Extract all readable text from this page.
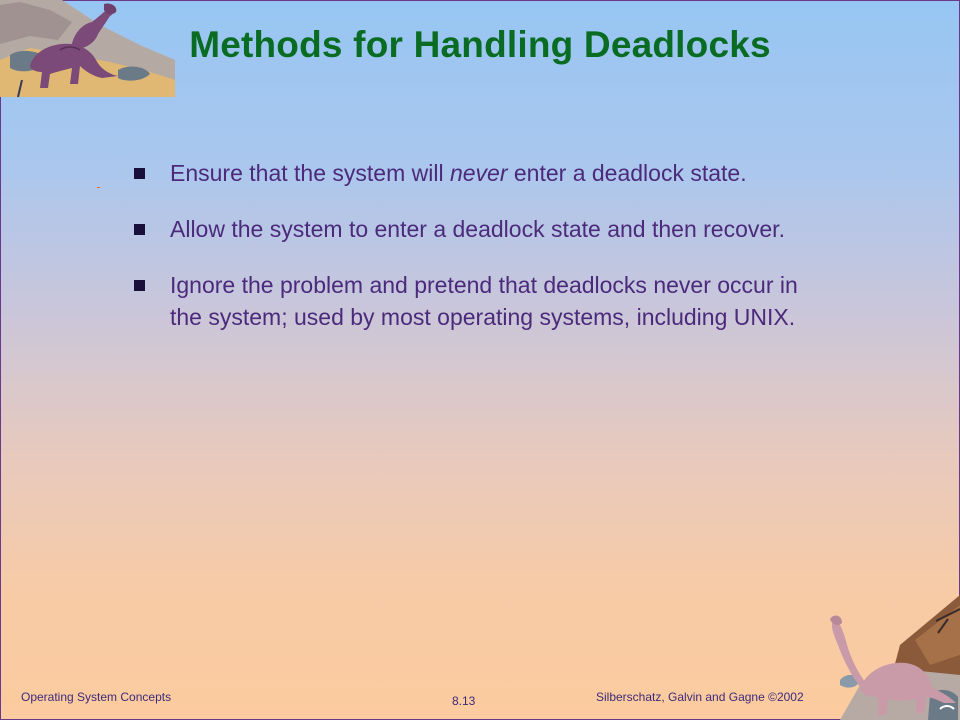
Methods for Handling Deadlocks
Ensure that the system will never enter a deadlock state.
Allow the system to enter a deadlock state and then recover.
Ignore the problem and pretend that deadlocks never occur in the system; used by most operating systems, including UNIX.
Operating System Concepts	8.13	Silberschatz, Galvin and Gagne ©2002
